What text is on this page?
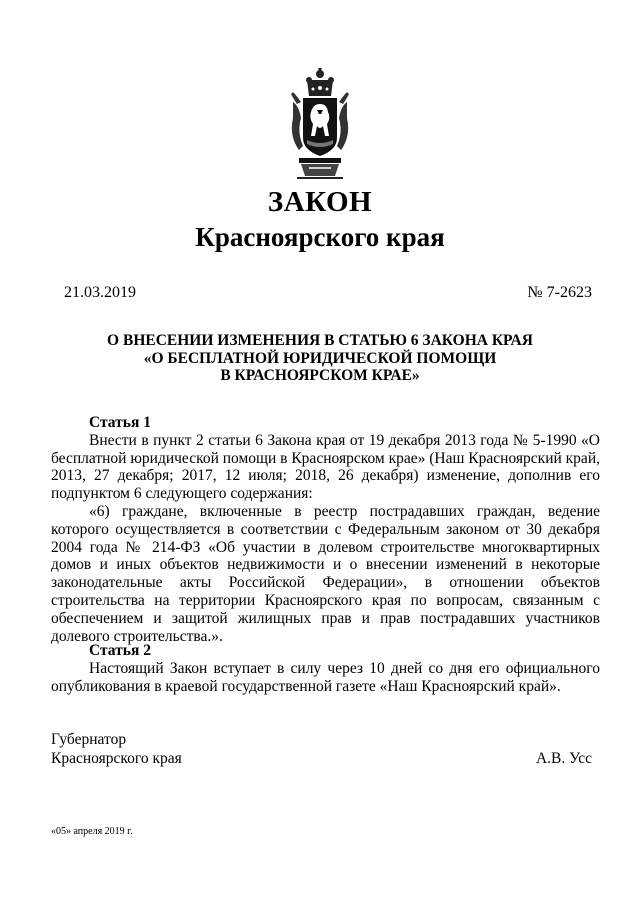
ЗАКОН
Красноярского края
21.03.2019	№ 7-2623
О ВНЕСЕНИИ ИЗМЕНЕНИЯ В СТАТЬЮ 6 ЗАКОНА КРАЯ
«О БЕСПЛАТНОЙ ЮРИДИЧЕСКОЙ ПОМОЩИ
В КРАСНОЯРСКОМ КРАЕ»
Статья 1
Внести в пункт 2 статьи 6 Закона края от 19 декабря 2013 года № 5-1990 «О бесплатной юридической помощи в Красноярском крае» (Наш Красноярский край, 2013, 27 декабря; 2017, 12 июля; 2018, 26 декабря) изменение, дополнив его подпунктом 6 следующего содержания:
«6) граждане, включенные в реестр пострадавших граждан, ведение которого осуществляется в соответствии с Федеральным законом от 30 декабря 2004 года № 214-ФЗ «Об участии в долевом строительстве многоквартирных домов и иных объектов недвижимости и о внесении изменений в некоторые законодательные акты Российской Федерации», в отношении объектов строительства на территории Красноярского края по вопросам, связанным с обеспечением и защитой жилищных прав и прав пострадавших участников долевого строительства.».
Статья 2
Настоящий Закон вступает в силу через 10 дней со дня его официального опубликования в краевой государственной газете «Наш Красноярский край».
Губернатор
Красноярского края	А.В. Усс
«05» апреля 2019 г.
